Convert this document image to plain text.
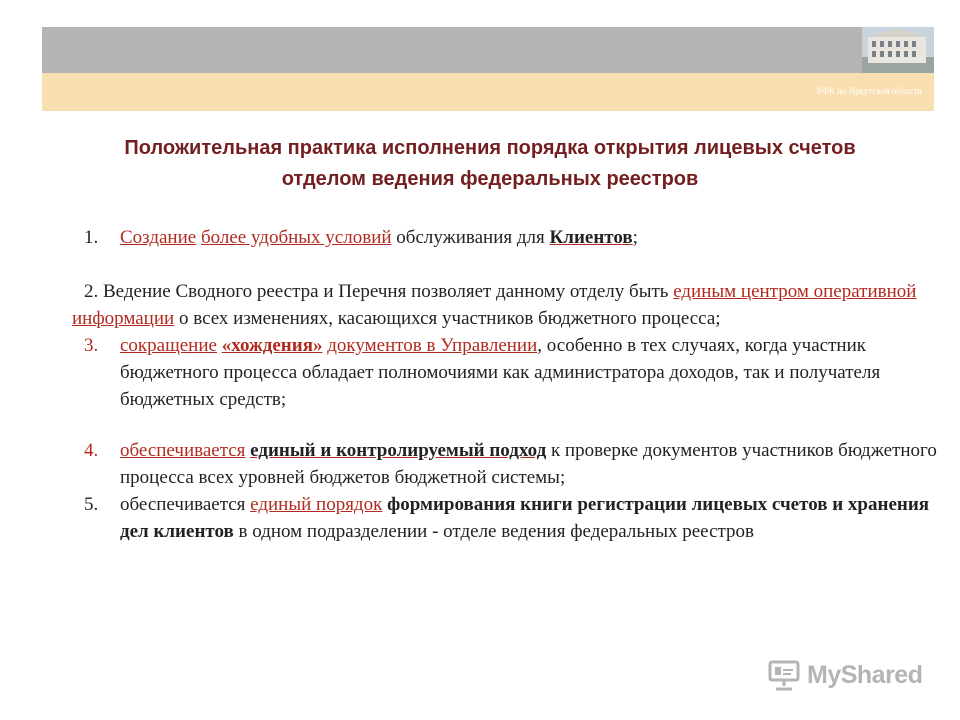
УФК по Иркутской области
Положительная практика исполнения порядка открытия лицевых счетов
отделом ведения федеральных реестров
1.	Создание более удобных условий обслуживания для Клиентов;
2. Ведение Сводного реестра и Перечня позволяет данному отделу быть единым центром оперативной информации о всех изменениях, касающихся участников бюджетного процесса;
3.	сокращение «хождения» документов в Управлении, особенно в тех случаях, когда участник бюджетного процесса обладает полномочиями как администратора доходов, так и получателя бюджетных средств;
4.	обеспечивается единый и контролируемый подход к проверке документов участников бюджетного процесса всех уровней бюджетов бюджетной системы;
5.	обеспечивается единый порядок формирования книги регистрации лицевых счетов и хранения дел клиентов в одном подразделении - отделе ведения федеральных реестров
MyShared
